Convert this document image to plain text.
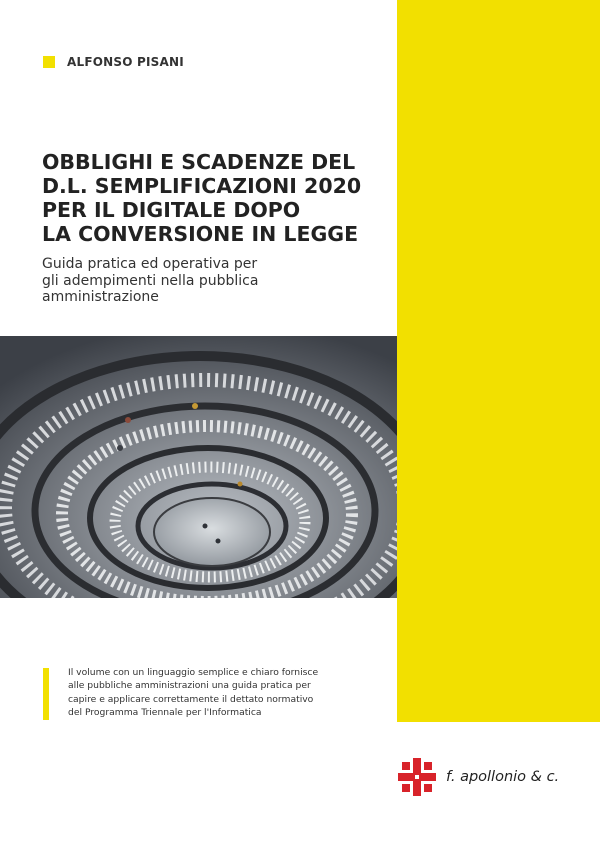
ALFONSO PISANI
OBBLIGHI E SCADENZE DEL
D.L. SEMPLIFICAZIONI 2020
PER IL DIGITALE DOPO
LA CONVERSIONE IN LEGGE
Guida pratica ed operativa per
gli adempimenti nella pubblica
amministrazione
Il volume con un linguaggio semplice e chiaro fornisce
alle pubbliche amministrazioni una guida pratica per
capire e applicare correttamente il dettato normativo
del Programma Triennale per l'Informatica
f. apollonio & c.
